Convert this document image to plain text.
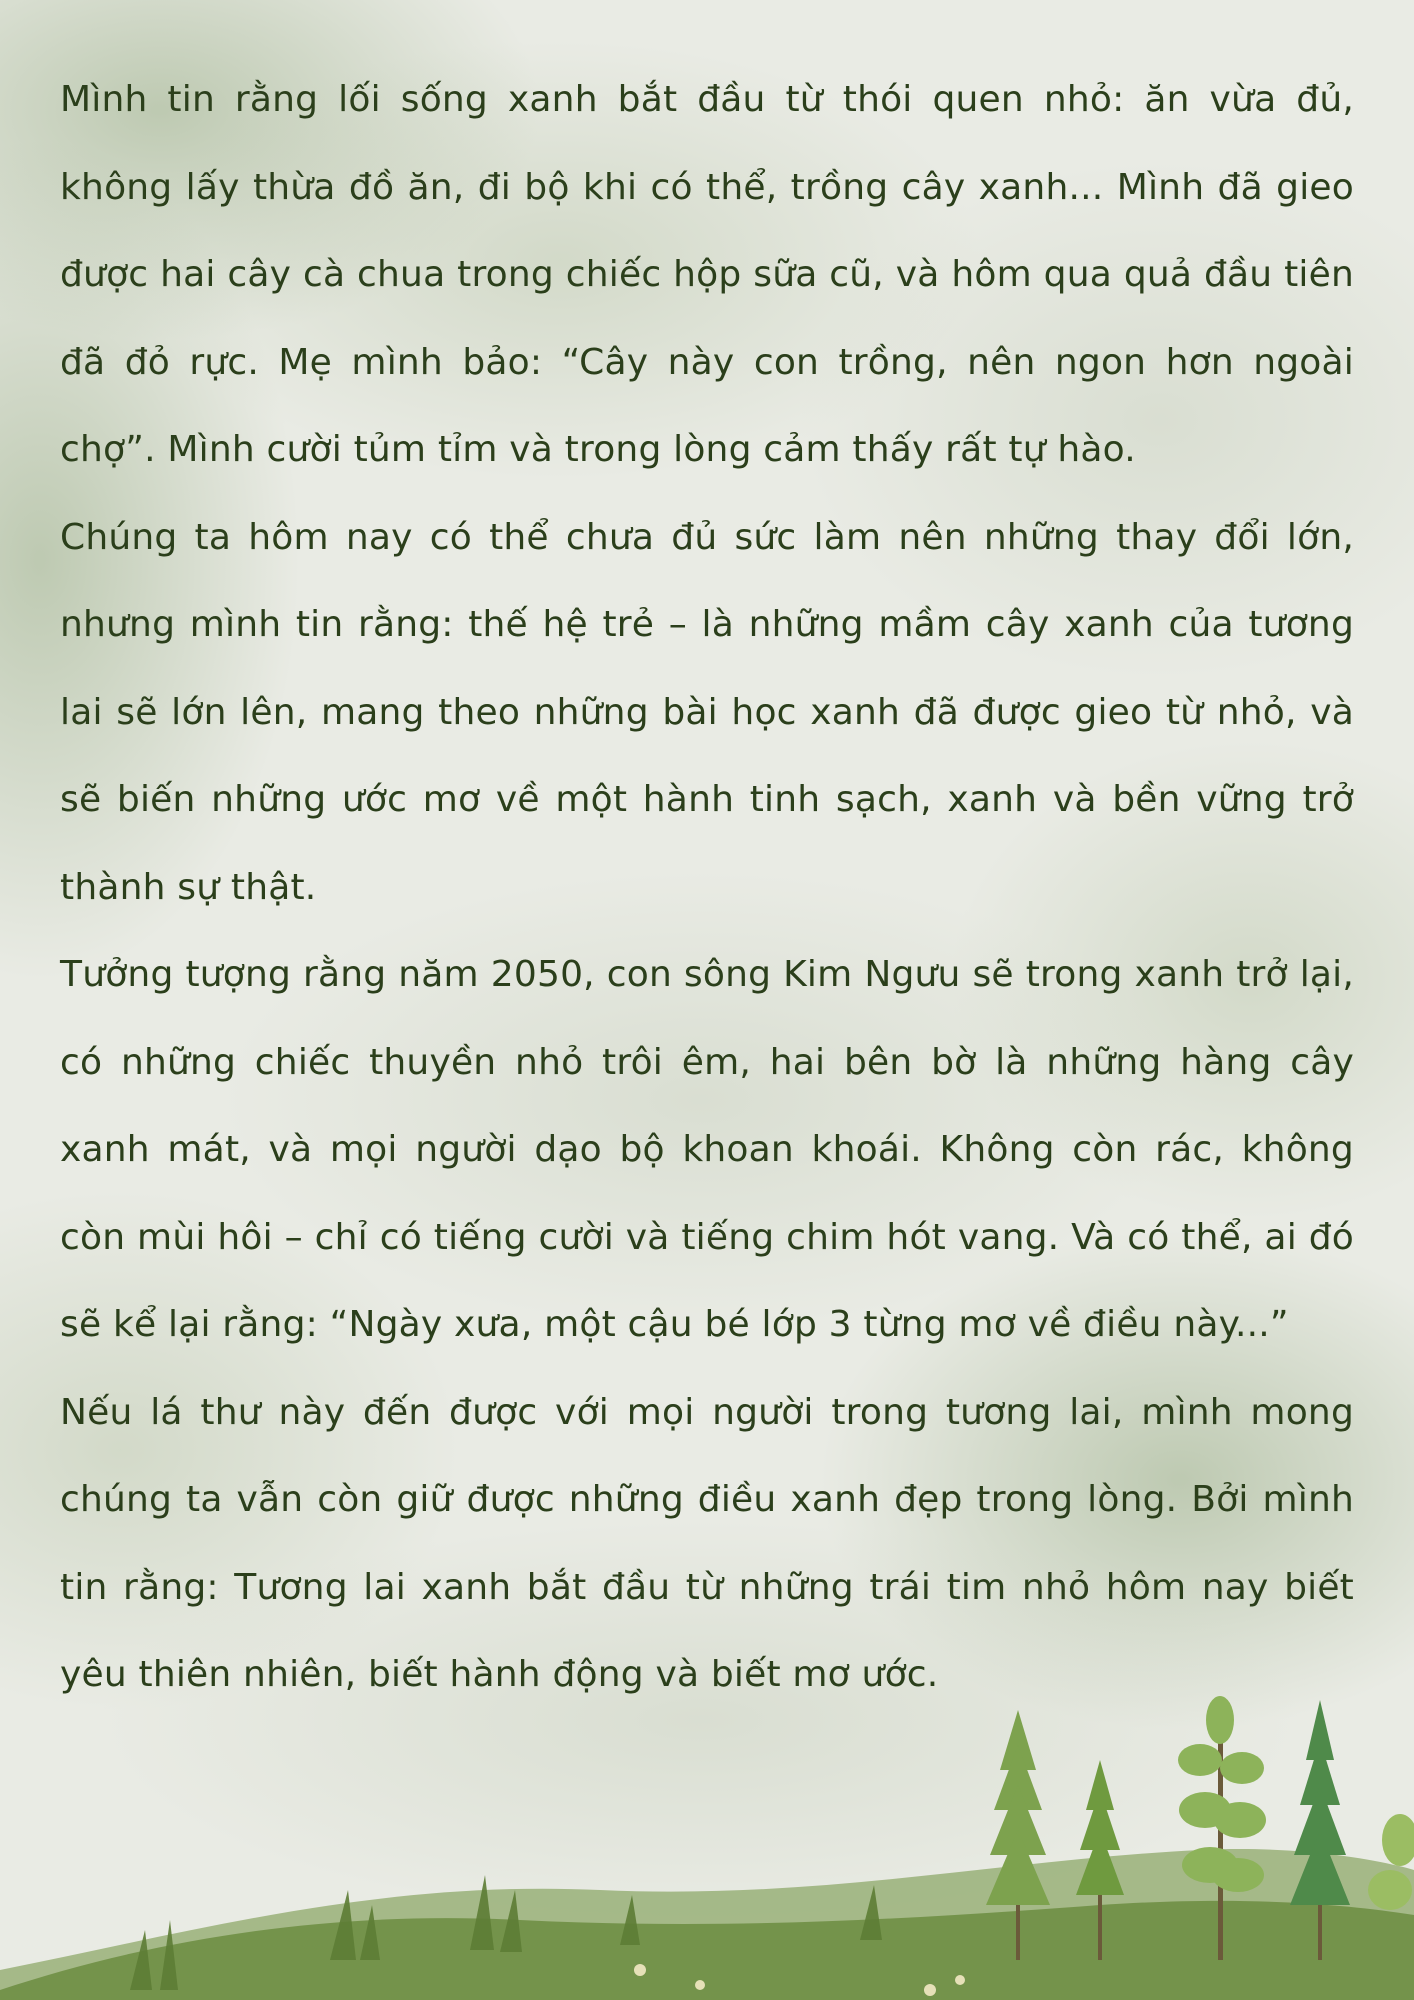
Mình tin rằng lối sống xanh bắt đầu từ thói quen nhỏ: ăn vừa đủ, không lấy thừa đồ ăn, đi bộ khi có thể, trồng cây xanh... Mình đã gieo được hai cây cà chua trong chiếc hộp sữa cũ, và hôm qua quả đầu tiên đã đỏ rực. Mẹ mình bảo: “Cây này con trồng, nên ngon hơn ngoài chợ”. Mình cười tủm tỉm và trong lòng cảm thấy rất tự hào.

Chúng ta hôm nay có thể chưa đủ sức làm nên những thay đổi lớn, nhưng mình tin rằng: thế hệ trẻ – là những mầm cây xanh của tương lai sẽ lớn lên, mang theo những bài học xanh đã được gieo từ nhỏ, và sẽ biến những ước mơ về một hành tinh sạch, xanh và bền vững trở thành sự thật.

Tưởng tượng rằng năm 2050, con sông Kim Ngưu sẽ trong xanh trở lại, có những chiếc thuyền nhỏ trôi êm, hai bên bờ là những hàng cây xanh mát, và mọi người dạo bộ khoan khoái. Không còn rác, không còn mùi hôi – chỉ có tiếng cười và tiếng chim hót vang. Và có thể, ai đó sẽ kể lại rằng: “Ngày xưa, một cậu bé lớp 3 từng mơ về điều này...”

Nếu lá thư này đến được với mọi người trong tương lai, mình mong chúng ta vẫn còn giữ được những điều xanh đẹp trong lòng. Bởi mình tin rằng: Tương lai xanh bắt đầu từ những trái tim nhỏ hôm nay biết yêu thiên nhiên, biết hành động và biết mơ ước.
